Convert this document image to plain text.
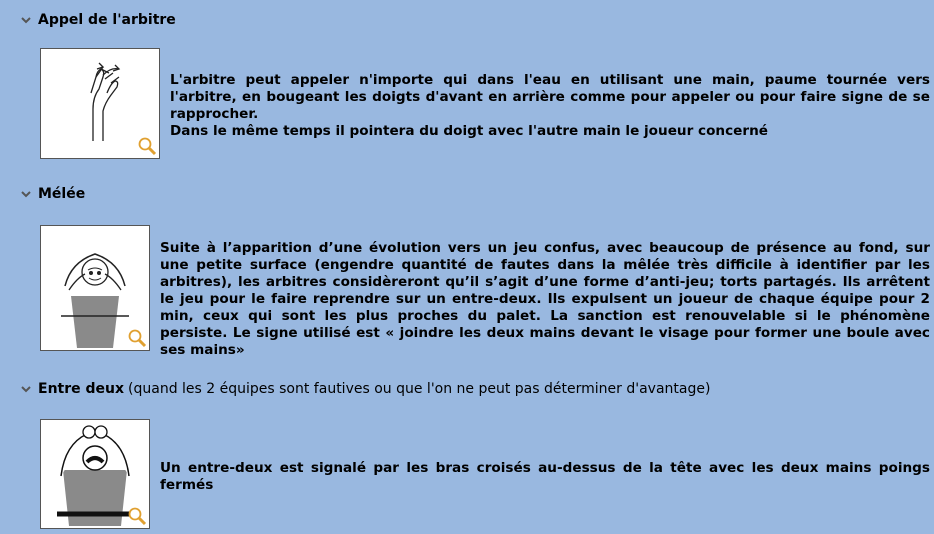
Appel de l'arbitre

L'arbitre peut appeler n'importe qui dans l'eau en utilisant une main, paume tournée vers l'arbitre, en bougeant les doigts d'avant en arrière comme pour appeler ou pour faire signe de se rapprocher.

Dans le même temps il pointera du doigt avec l'autre main le joueur concerné

Mélée

Suite à l’apparition d’une évolution vers un jeu confus, avec beaucoup de présence au fond, sur une petite surface (engendre quantité de fautes dans la mêlée très difficile à identifier par les arbitres), les arbitres considèreront qu’il s’agit d’une forme d’anti-jeu; torts partagés. Ils arrêtent le jeu pour le faire reprendre sur un entre-deux. Ils expulsent un joueur de chaque équipe pour 2 min, ceux qui sont les plus proches du palet. La sanction est renouvelable si le phénomène persiste. Le signe utilisé est « joindre les deux mains devant le visage pour former une boule avec ses mains»

Entre deux (quand les 2 équipes sont fautives ou que l'on ne peut pas déterminer d'avantage)

Un entre-deux est signalé par les bras croisés au-dessus de la tête avec les deux mains poings fermés
